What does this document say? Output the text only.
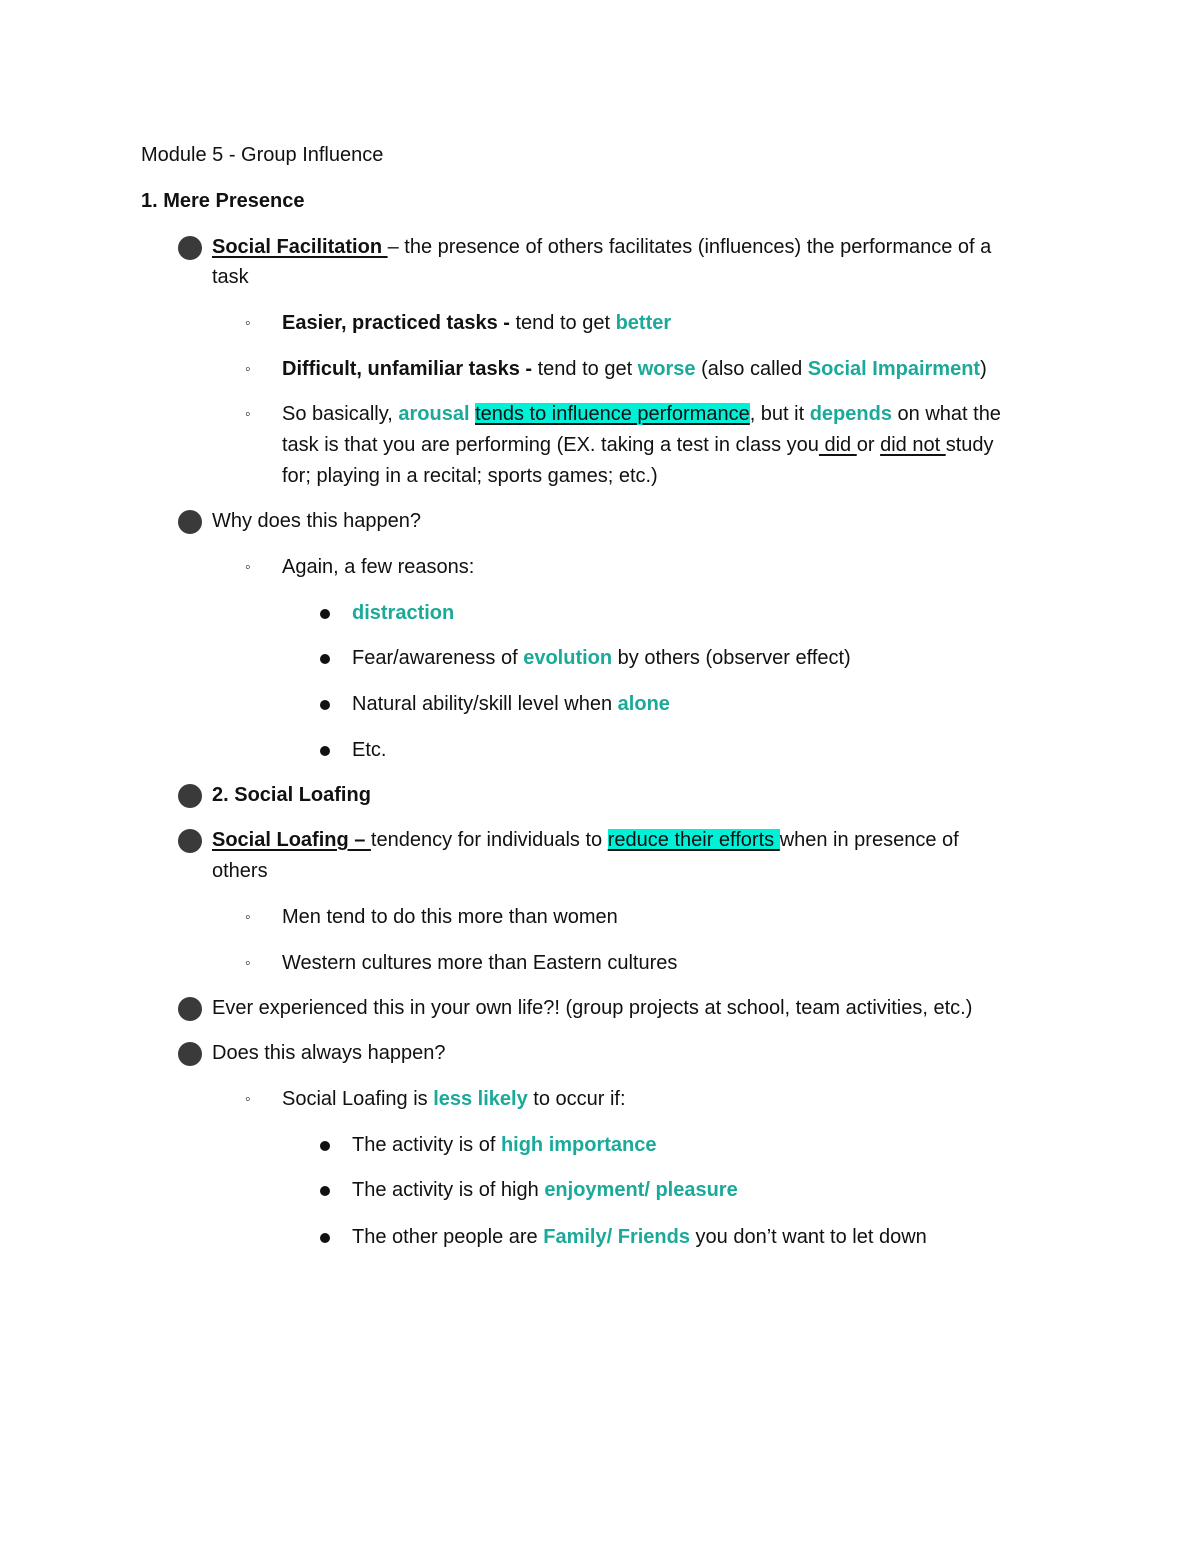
Module 5 - Group Influence
1. Mere Presence
Social Facilitation – the presence of others facilitates (influences) the performance of a
task
◦ Easier, practiced tasks - tend to get better
◦ Difficult, unfamiliar tasks - tend to get worse (also called Social Impairment)
◦ So basically, arousal tends to influence performance, but it depends on what the
task is that you are performing (EX. taking a test in class you did or did not study
for; playing in a recital; sports games; etc.)
Why does this happen?
◦ Again, a few reasons:
distraction
Fear/awareness of evolution by others (observer effect)
Natural ability/skill level when alone
Etc.
2. Social Loafing
Social Loafing – tendency for individuals to reduce their efforts when in presence of
others
◦ Men tend to do this more than women
◦ Western cultures more than Eastern cultures
Ever experienced this in your own life?! (group projects at school, team activities, etc.)
Does this always happen?
◦ Social Loafing is less likely to occur if:
The activity is of high importance
The activity is of high enjoyment/ pleasure
The other people are Family/ Friends you don’t want to let down
